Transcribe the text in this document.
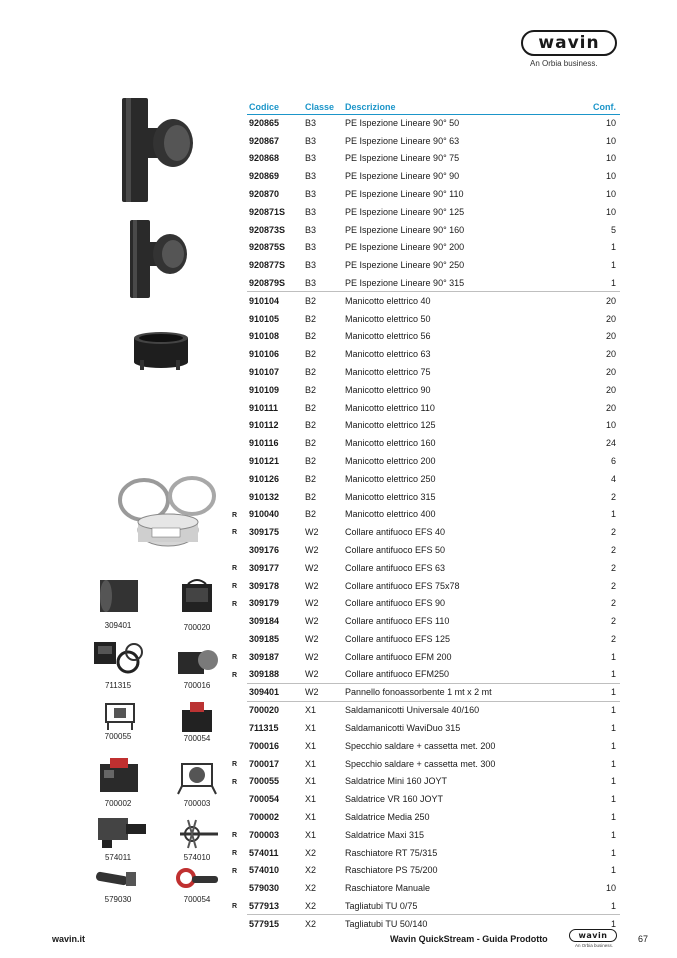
wavin
An Orbia business.
309401	700020
711315	700016
700055	700054
700002	700003
574011	574010
579030	700054
R
R
R
R
R
R
R
R
R
R
R
R
R
Codice	Classe	Descrizione	Conf.
920865	B3	PE Ispezione Lineare 90° 50	10
920867	B3	PE Ispezione Lineare 90° 63	10
920868	B3	PE Ispezione Lineare 90° 75	10
920869	B3	PE Ispezione Lineare 90° 90	10
920870	B3	PE Ispezione Lineare 90° 110	10
920871S	B3	PE Ispezione Lineare 90° 125	10
920873S	B3	PE Ispezione Lineare 90° 160	5
920875S	B3	PE Ispezione Lineare 90° 200	1
920877S	B3	PE Ispezione Lineare 90° 250	1
920879S	B3	PE Ispezione Lineare 90° 315	1
910104	B2	Manicotto elettrico 40	20
910105	B2	Manicotto elettrico 50	20
910108	B2	Manicotto elettrico 56	20
910106	B2	Manicotto elettrico 63	20
910107	B2	Manicotto elettrico 75	20
910109	B2	Manicotto elettrico 90	20
910111	B2	Manicotto elettrico 110	20
910112	B2	Manicotto elettrico 125	10
910116	B2	Manicotto elettrico 160	24
910121	B2	Manicotto elettrico 200	6
910126	B2	Manicotto elettrico 250	4
910132	B2	Manicotto elettrico 315	2
910040	B2	Manicotto elettrico 400	1
309175	W2	Collare antifuoco EFS 40	2
309176	W2	Collare antifuoco EFS 50	2
309177	W2	Collare antifuoco EFS 63	2
309178	W2	Collare antifuoco EFS 75x78	2
309179	W2	Collare antifuoco EFS 90	2
309184	W2	Collare antifuoco EFS 110	2
309185	W2	Collare antifuoco EFS 125	2
309187	W2	Collare antifuoco EFM 200	1
309188	W2	Collare antifuoco EFM250	1
309401	W2	Pannello fonoassorbente 1 mt x 2 mt	1
700020	X1	Saldamanicotti Universale 40/160	1
711315	X1	Saldamanicotti WaviDuo 315	1
700016	X1	Specchio saldare + cassetta met. 200	1
700017	X1	Specchio saldare + cassetta met. 300	1
700055	X1	Saldatrice Mini 160 JOYT	1
700054	X1	Saldatrice VR 160 JOYT	1
700002	X1	Saldatrice Media 250	1
700003	X1	Saldatrice Maxi 315	1
574011	X2	Raschiatore RT 75/315	1
574010	X2	Raschiatore PS 75/200	1
579030	X2	Raschiatore Manuale	10
577913	X2	Tagliatubi TU 0/75	1
577915	X2	Tagliatubi TU 50/140	1
wavin.it	Wavin QuickStream - Guida Prodotto	wavin
An Orbia business.
67
